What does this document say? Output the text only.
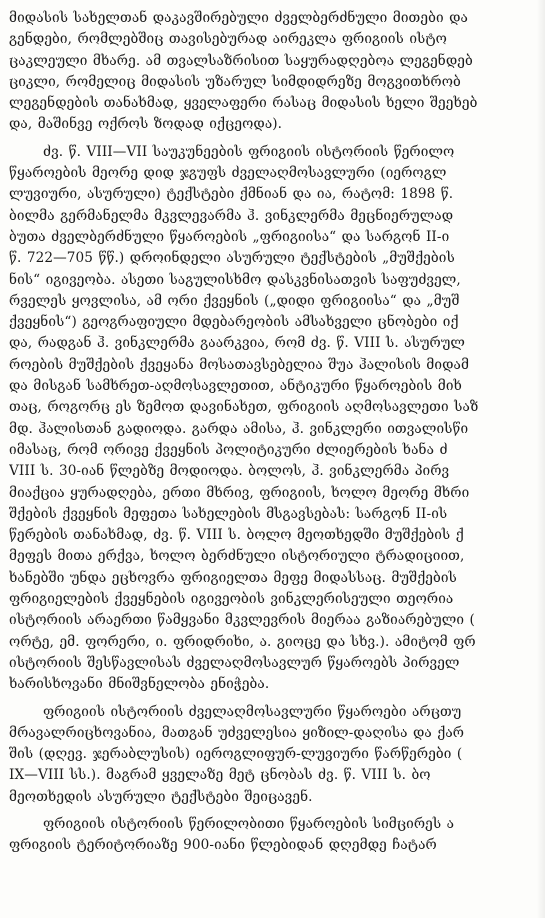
მიდასის სახელთან დაკავშირებული ძველბერძნული მითები და
გენდები, რომლებშიც თავისებურად აირეკლა ფრიგიის ისტო
ცაკლეული მხარე. ამ თვალსაზრისით საყურადღებოა ლეგენდებ
ციკლი, რომელიც მიდასის უზარულ სიმდიდრეზე მოგვითხრობ
ლეგენდების თანახმად, ყველაფერი რასაც მიდასის ხელი შეეხებ
და, მაშინვე ოქროს ზოდად იქცეოდა).
ძვ. წ. VIII—VII საუკუნეების ფრიგიის ისტორიის წერილო
წყაროების მეორე დიდ ჯგუფს ძველაღმოსავლური (იეროგლ
ლუვიური, ასურული) ტექსტები ქმნიან და ია, რატომ: 1898 წ.
ბილმა გერმანელმა მკვლევარმა ჰ. ვინკლერმა მეცნიერულად
ბუთა ძველბერძნული წყაროების „ფრიგიისა“ და სარგონ II-ი
წ. 722—705 წწ.) დროინდელი ასურული ტექსტების „მუშქების
ნის“ იგივეობა. ასეთი საგულისხმო დასკვნისათვის საფუძველ,
რველეს ყოვლისა, ამ ორი ქვეყნის („დიდი ფრიგიისა“ და „მუშ
ქვეყნის“) გეოგრაფიული მდებარეობის ამსახველი ცნობები იქ
და, რადგან ჰ. ვინკლერმა გაარკვია, რომ ძვ. წ. VIII ს. ასურულ
როების მუშქების ქვეყანა მოსათავსებელია შუა ჰალისის მიდამ
და მისგან სამხრეთ-აღმოსავლეთით, ანტიკური წყაროების მიხ
თაც, როგორც ეს ზემოთ დავინახეთ, ფრიგიის აღმოსავლეთი საზ
მდ. ჰალისთან გადიოდა. გარდა ამისა, ჰ. ვინკლერი ითვალისწი
იმასაც, რომ ორივე ქვეყნის პოლიტიკური ძლიერების ხანა ძ
VIII ს. 30-იან წლებზე მოდიოდა. ბოლოს, ჰ. ვინკლერმა პირვ
მიაქცია ყურადღება, ერთი მხრივ, ფრიგიის, ხოლო მეორე მხრი
შქების ქვეყნის მეფეთა სახელების მსგავსებას: სარგონ II-ის
წერების თანახმად, ძვ. წ. VIII ს. ბოლო მეოთხედში მუშქების ქ
მეფეს მითა ერქვა, ხოლო ბერძნული ისტორიული ტრადიციით,
ხანებში უნდა ეცხოვრა ფრიგიელთა მეფე მიდასსაც. მუშქების
ფრიგიელების ქვეყნების იგივეობის ვინკლერისეული თეორია
ისტორიის არაერთი წამყვანი მკვლევრის მიერაა გაზიარებული (
ორტე, ემ. ფორერი, ი. ფრიდრიხი, ა. გიოცე და სხვ.). ამიტომ ფრ
ისტორიის შესწავლისას ძველაღმოსავლურ წყაროებს პირველ
ხარისხოვანი მნიშვნელობა ენიჭება.
ფრიგიის ისტორიის ძველაღმოსავლური წყაროები არცთუ
მრავალრიცხოვანია, მათგან უძველესია ყიზილ-დაღისა და ქარ
შის (დღევ. ჯერაბლუსის) იეროგლიფურ-ლუვიური წარწერები (
IX—VIII სს.). მაგრამ ყველაზე მეტ ცნობას ძვ. წ. VIII ს. ბო
მეოთხედის ასურული ტექსტები შეიცავენ.
ფრიგიის ისტორიის წერილობითი წყაროების სიმცირეს ა
ფრიგიის ტერიტორიაზე 900-იანი წლებიდან დღემდე ჩატარ
